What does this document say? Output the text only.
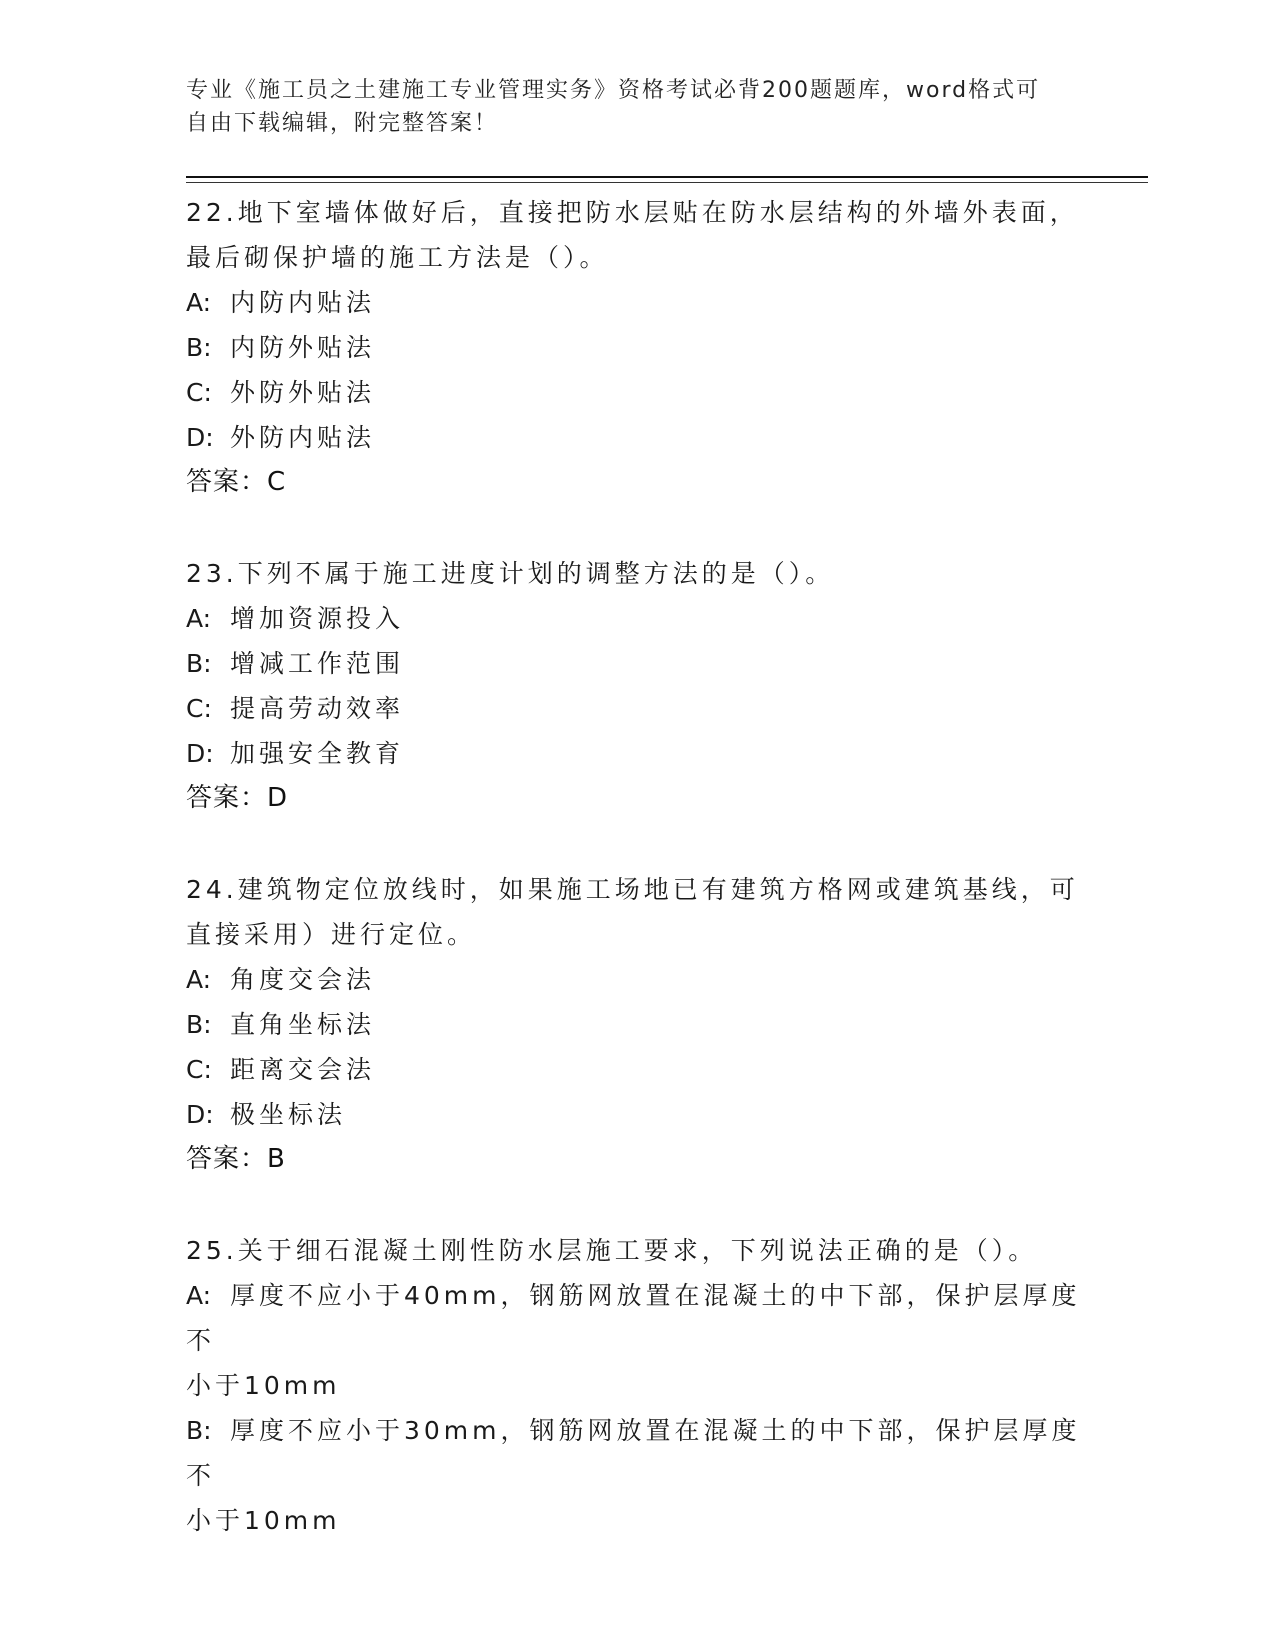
专业《施工员之土建施工专业管理实务》资格考试必背200题题库，word格式可
自由下载编辑，附完整答案！
22.地下室墙体做好后，直接把防水层贴在防水层结构的外墙外表面，
最后砌保护墙的施工方法是（）。
A: 内防内贴法
B: 内防外贴法
C: 外防外贴法
D: 外防内贴法
答案：C
23.下列不属于施工进度计划的调整方法的是（）。
A: 增加资源投入
B: 增减工作范围
C: 提高劳动效率
D: 加强安全教育
答案：D
24.建筑物定位放线时，如果施工场地已有建筑方格网或建筑基线，可
直接采用）进行定位。
A: 角度交会法
B: 直角坐标法
C: 距离交会法
D: 极坐标法
答案：B
25.关于细石混凝土刚性防水层施工要求，下列说法正确的是（）。
A: 厚度不应小于40mm，钢筋网放置在混凝土的中下部，保护层厚度不
小于10mm
B: 厚度不应小于30mm，钢筋网放置在混凝土的中下部，保护层厚度不
小于10mm
